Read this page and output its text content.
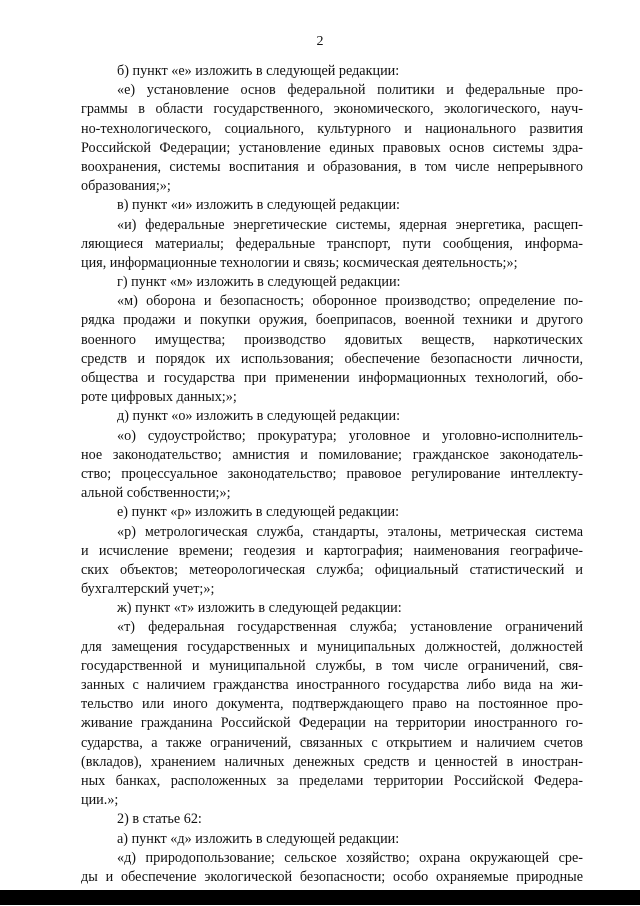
2
б) пункт «е» изложить в следующей редакции:
«е) установление основ федеральной политики и федеральные про-
граммы в области государственного, экономического, экологического, науч-
но-технологического, социального, культурного и национального развития
Российской Федерации; установление единых правовых основ системы здра-
воохранения, системы воспитания и образования, в том числе непрерывного
образования;»;
в) пункт «и» изложить в следующей редакции:
«и) федеральные энергетические системы, ядерная энергетика, расщеп-
ляющиеся материалы; федеральные транспорт, пути сообщения, информа-
ция, информационные технологии и связь; космическая деятельность;»;
г) пункт «м» изложить в следующей редакции:
«м) оборона и безопасность; оборонное производство; определение по-
рядка продажи и покупки оружия, боеприпасов, военной техники и другого
военного имущества; производство ядовитых веществ, наркотических
средств и порядок их использования; обеспечение безопасности личности,
общества и государства при применении информационных технологий, обо-
роте цифровых данных;»;
д) пункт «о» изложить в следующей редакции:
«о) судоустройство; прокуратура; уголовное и уголовно-исполнитель-
ное законодательство; амнистия и помилование; гражданское законодатель-
ство; процессуальное законодательство; правовое регулирование интеллекту-
альной собственности;»;
е) пункт «р» изложить в следующей редакции:
«р) метрологическая служба, стандарты, эталоны, метрическая система
и исчисление времени; геодезия и картография; наименования географиче-
ских объектов; метеорологическая служба; официальный статистический и
бухгалтерский учет;»;
ж) пункт «т» изложить в следующей редакции:
«т) федеральная государственная служба; установление ограничений
для замещения государственных и муниципальных должностей, должностей
государственной и муниципальной службы, в том числе ограничений, свя-
занных с наличием гражданства иностранного государства либо вида на жи-
тельство или иного документа, подтверждающего право на постоянное про-
живание гражданина Российской Федерации на территории иностранного го-
сударства, а также ограничений, связанных с открытием и наличием счетов
(вкладов), хранением наличных денежных средств и ценностей в иностран-
ных банках, расположенных за пределами территории Российской Федера-
ции.»;
2) в статье 62:
а) пункт «д» изложить в следующей редакции:
«д) природопользование; сельское хозяйство; охрана окружающей сре-
ды и обеспечение экологической безопасности; особо охраняемые природные
